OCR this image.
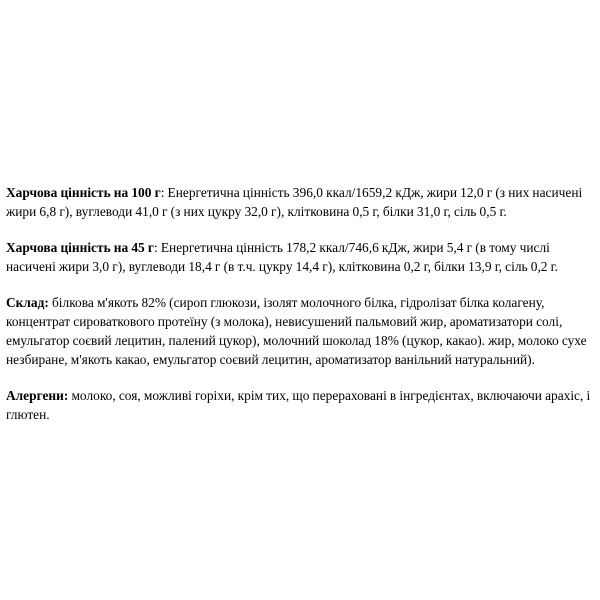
Харчова цінність на 100 г: Енергетична цінність 396,0 ккал/1659,2 кДж, жири 12,0 г (з них насичені жири 6,8 г), вуглеводи 41,0 г (з них цукру 32,0 г), клітковина 0,5 г, білки 31,0 г, сіль 0,5 г.

Харчова цінність на 45 г: Енергетична цінність 178,2 ккал/746,6 кДж, жири 5,4 г (в тому числі насичені жири 3,0 г), вуглеводи 18,4 г (в т.ч. цукру 14,4 г), клітковина 0,2 г, білки 13,9 г, сіль 0,2 г.

Склад: білкова м'якоть 82% (сироп глюкози, ізолят молочного білка, гідролізат білка колагену, концентрат сироваткового протеїну (з молока), невисушений пальмовий жир, ароматизатори солі, емульгатор соєвий лецитин, палений цукор), молочний шоколад 18% (цукор, какао). жир, молоко сухе незбиране, м'якоть какао, емульгатор соєвий лецитин, ароматизатор ванільний натуральний).

Алергени: молоко, соя, можливі горіхи, крім тих, що перераховані в інгредієнтах, включаючи арахіс, і глютен.
